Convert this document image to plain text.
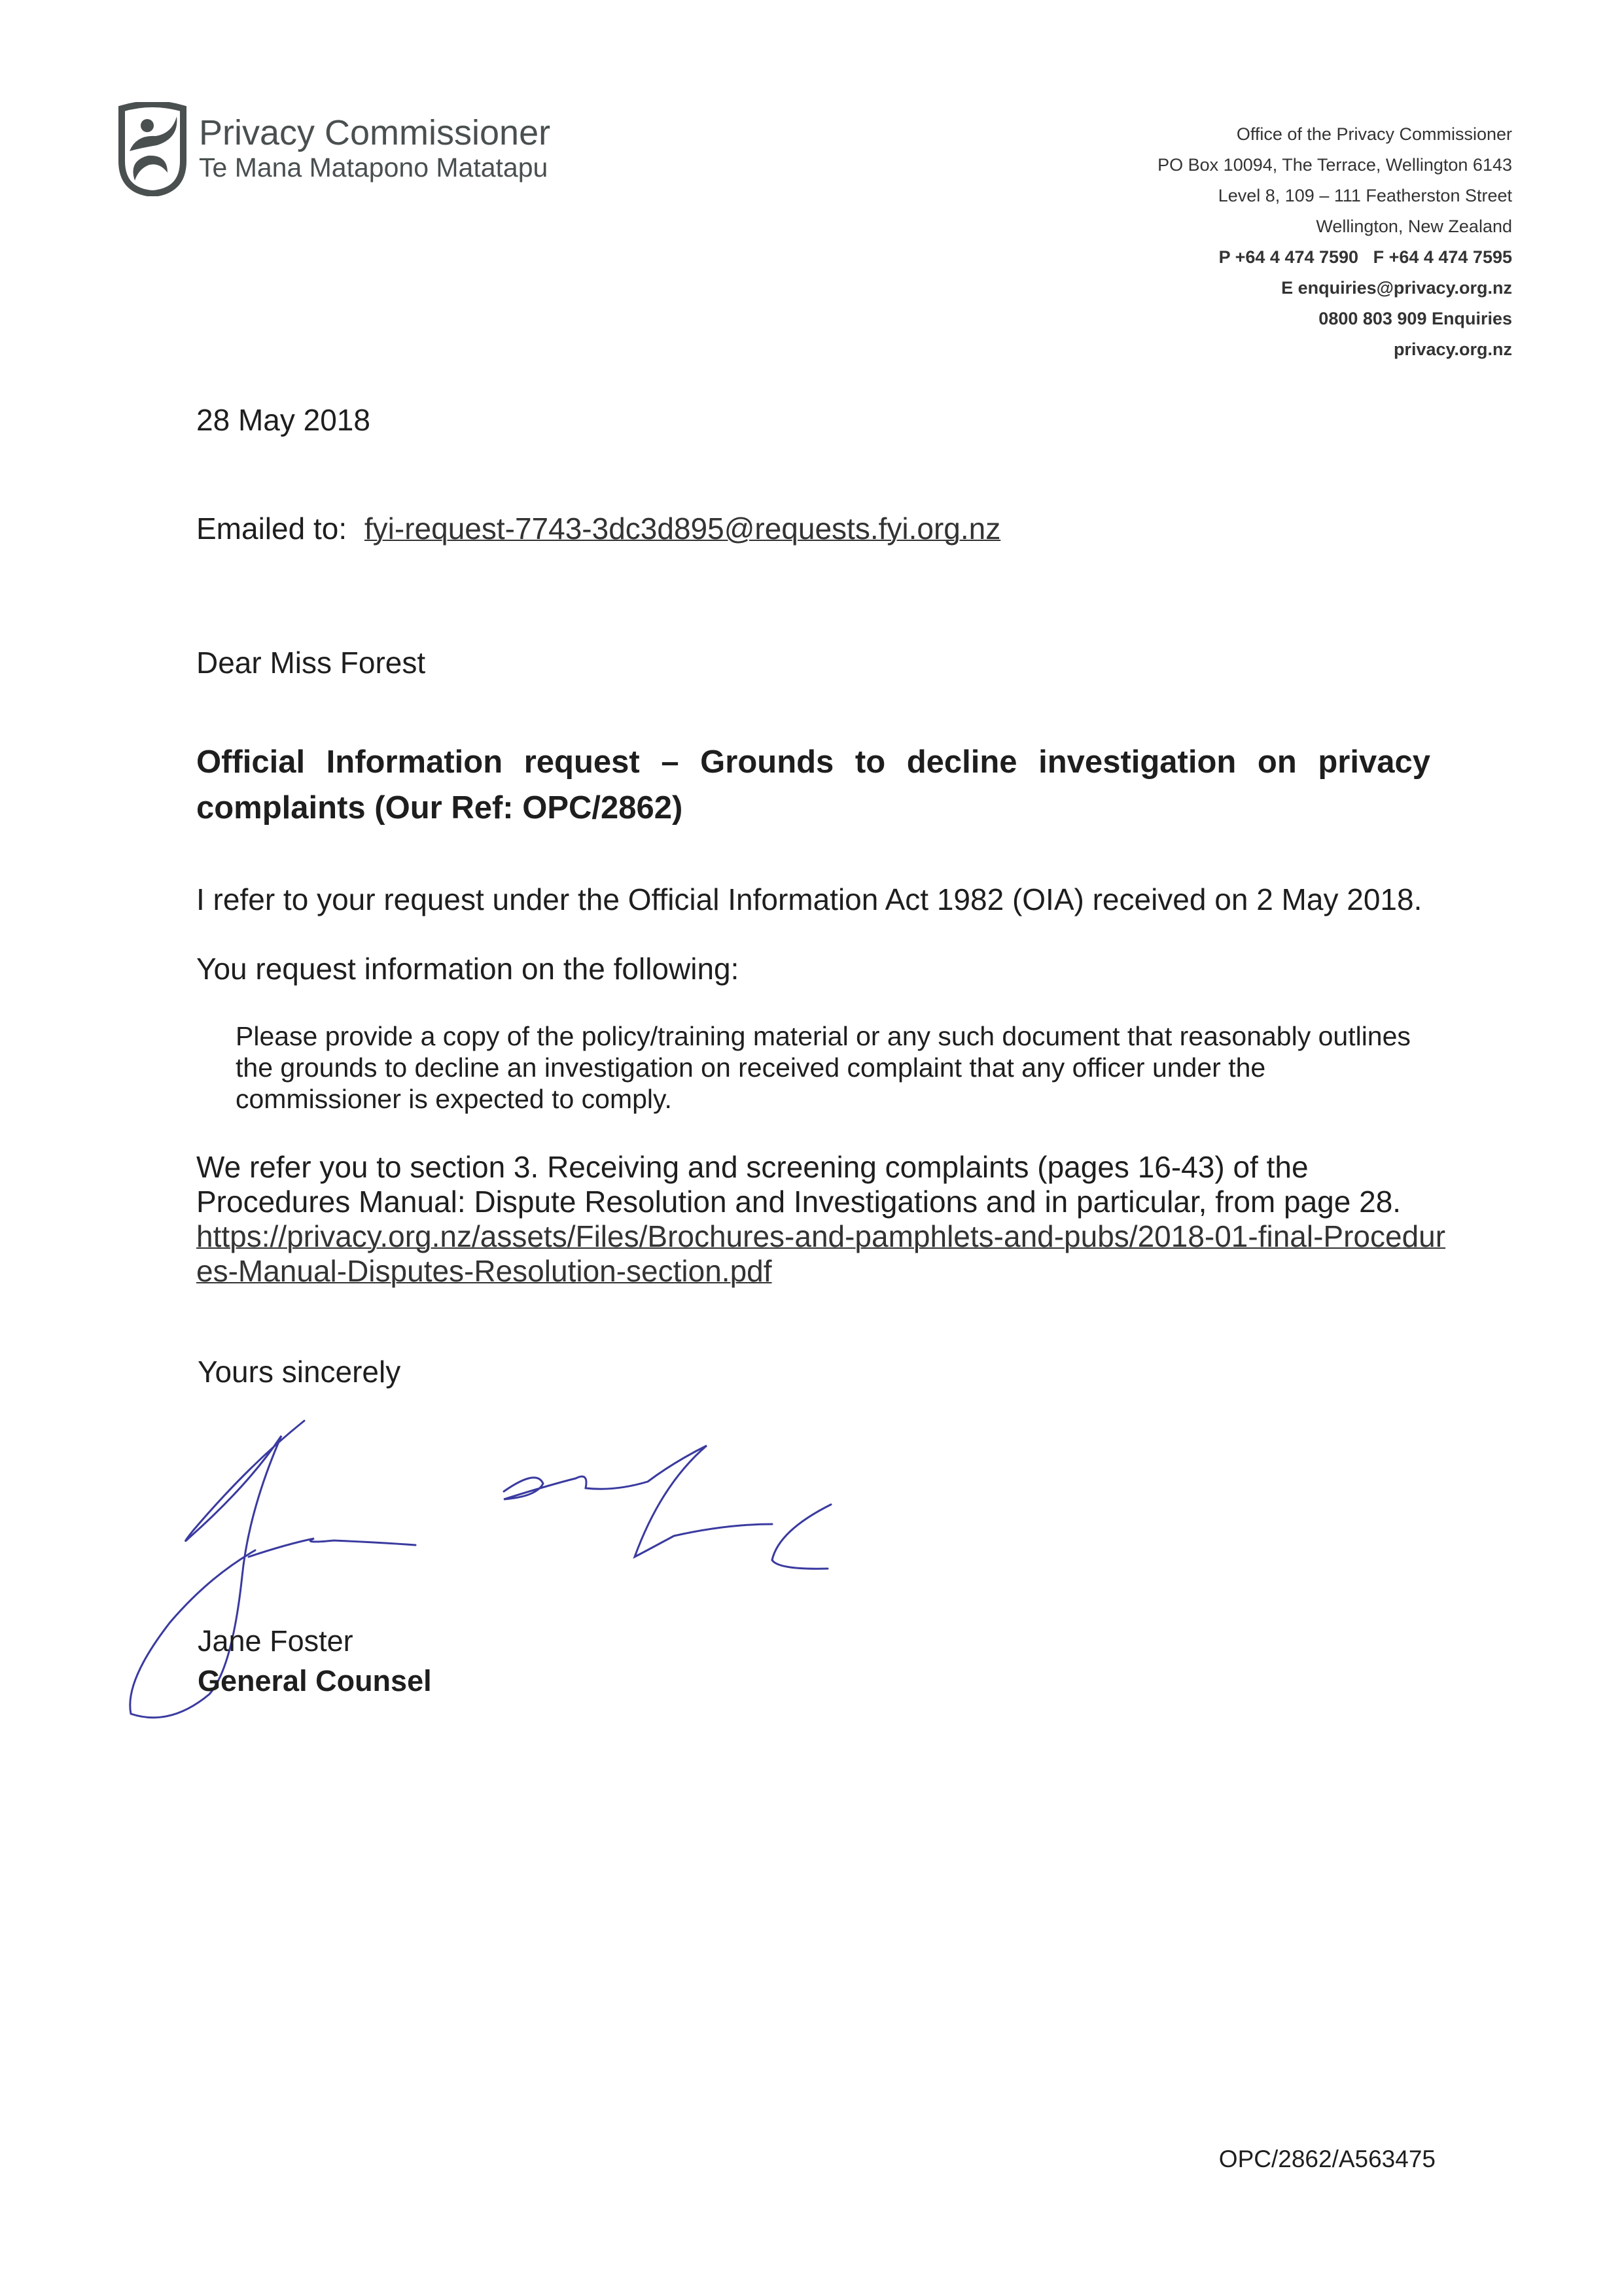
Privacy Commissioner
Te Mana Matapono Matatapu
Office of the Privacy Commissioner
PO Box 10094, The Terrace, Wellington 6143
Level 8, 109 – 111 Featherston Street
Wellington, New Zealand
P +64 4 474 7590   F +64 4 474 7595
E enquiries@privacy.org.nz
0800 803 909 Enquiries
privacy.org.nz
28 May 2018
Emailed to: fyi-request-7743-3dc3d895@requests.fyi.org.nz
Dear Miss Forest
Official Information request – Grounds to decline investigation on privacy complaints (Our Ref: OPC/2862)
I refer to your request under the Official Information Act 1982 (OIA) received on 2 May 2018.
You request information on the following:
Please provide a copy of the policy/training material or any such document that reasonably outlines the grounds to decline an investigation on received complaint that any officer under the commissioner is expected to comply.
We refer you to section 3. Receiving and screening complaints (pages 16-43) of the Procedures Manual: Dispute Resolution and Investigations and in particular, from page 28.
https://privacy.org.nz/assets/Files/Brochures-and-pamphlets-and-pubs/2018-01-final-Procedures-Manual-Disputes-Resolution-section.pdf
Yours sincerely
Jane Foster
General Counsel
OPC/2862/A563475
